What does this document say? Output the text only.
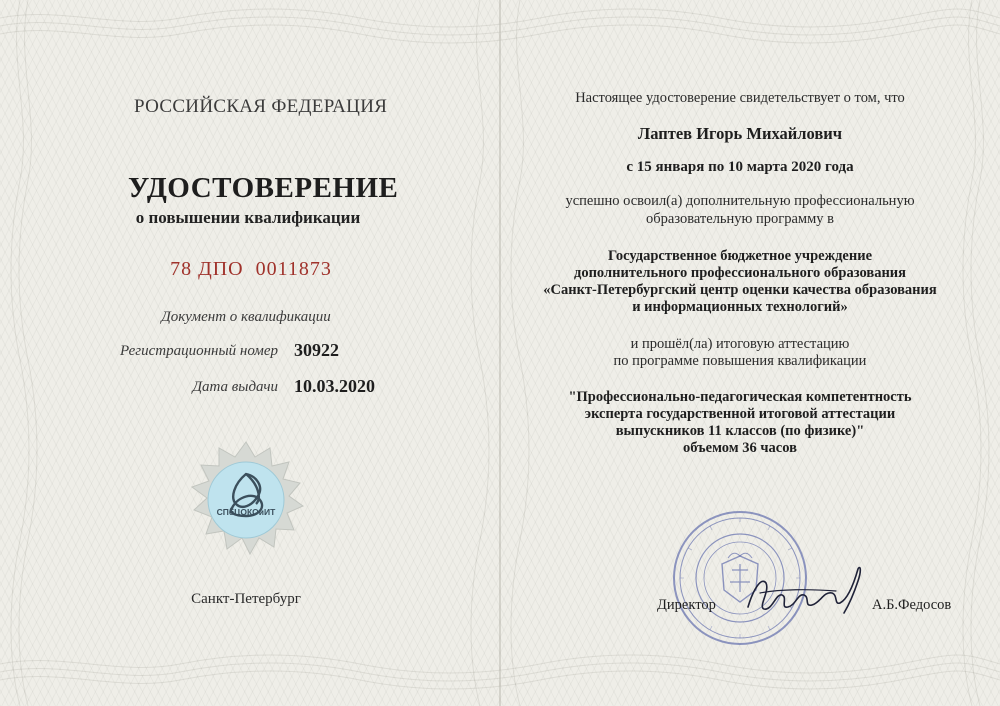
РОССИЙСКАЯ ФЕДЕРАЦИЯ
УДОСТОВЕРЕНИЕ
о повышении квалификации
78 ДПО  0011873
Документ о квалификации
Регистрационный номер 30922
Дата выдачи 10.03.2020
СПбЦОКОиИТ
Санкт-Петербург
Настоящее удостоверение свидетельствует о том, что
Лаптев Игорь Михайлович
с 15 января по 10 марта 2020 года
успешно освоил(а) дополнительную профессиональную
образовательную программу в
Государственное бюджетное учреждение
дополнительного профессионального образования
«Санкт-Петербургский центр оценки качества образования
и информационных технологий»
и прошёл(ла) итоговую аттестацию
по программе повышения квалификации
"Профессионально-педагогическая компетентность
эксперта государственной итоговой аттестации
выпускников 11 классов (по физике)"
объемом 36 часов
Директор	А.Б.Федосов
